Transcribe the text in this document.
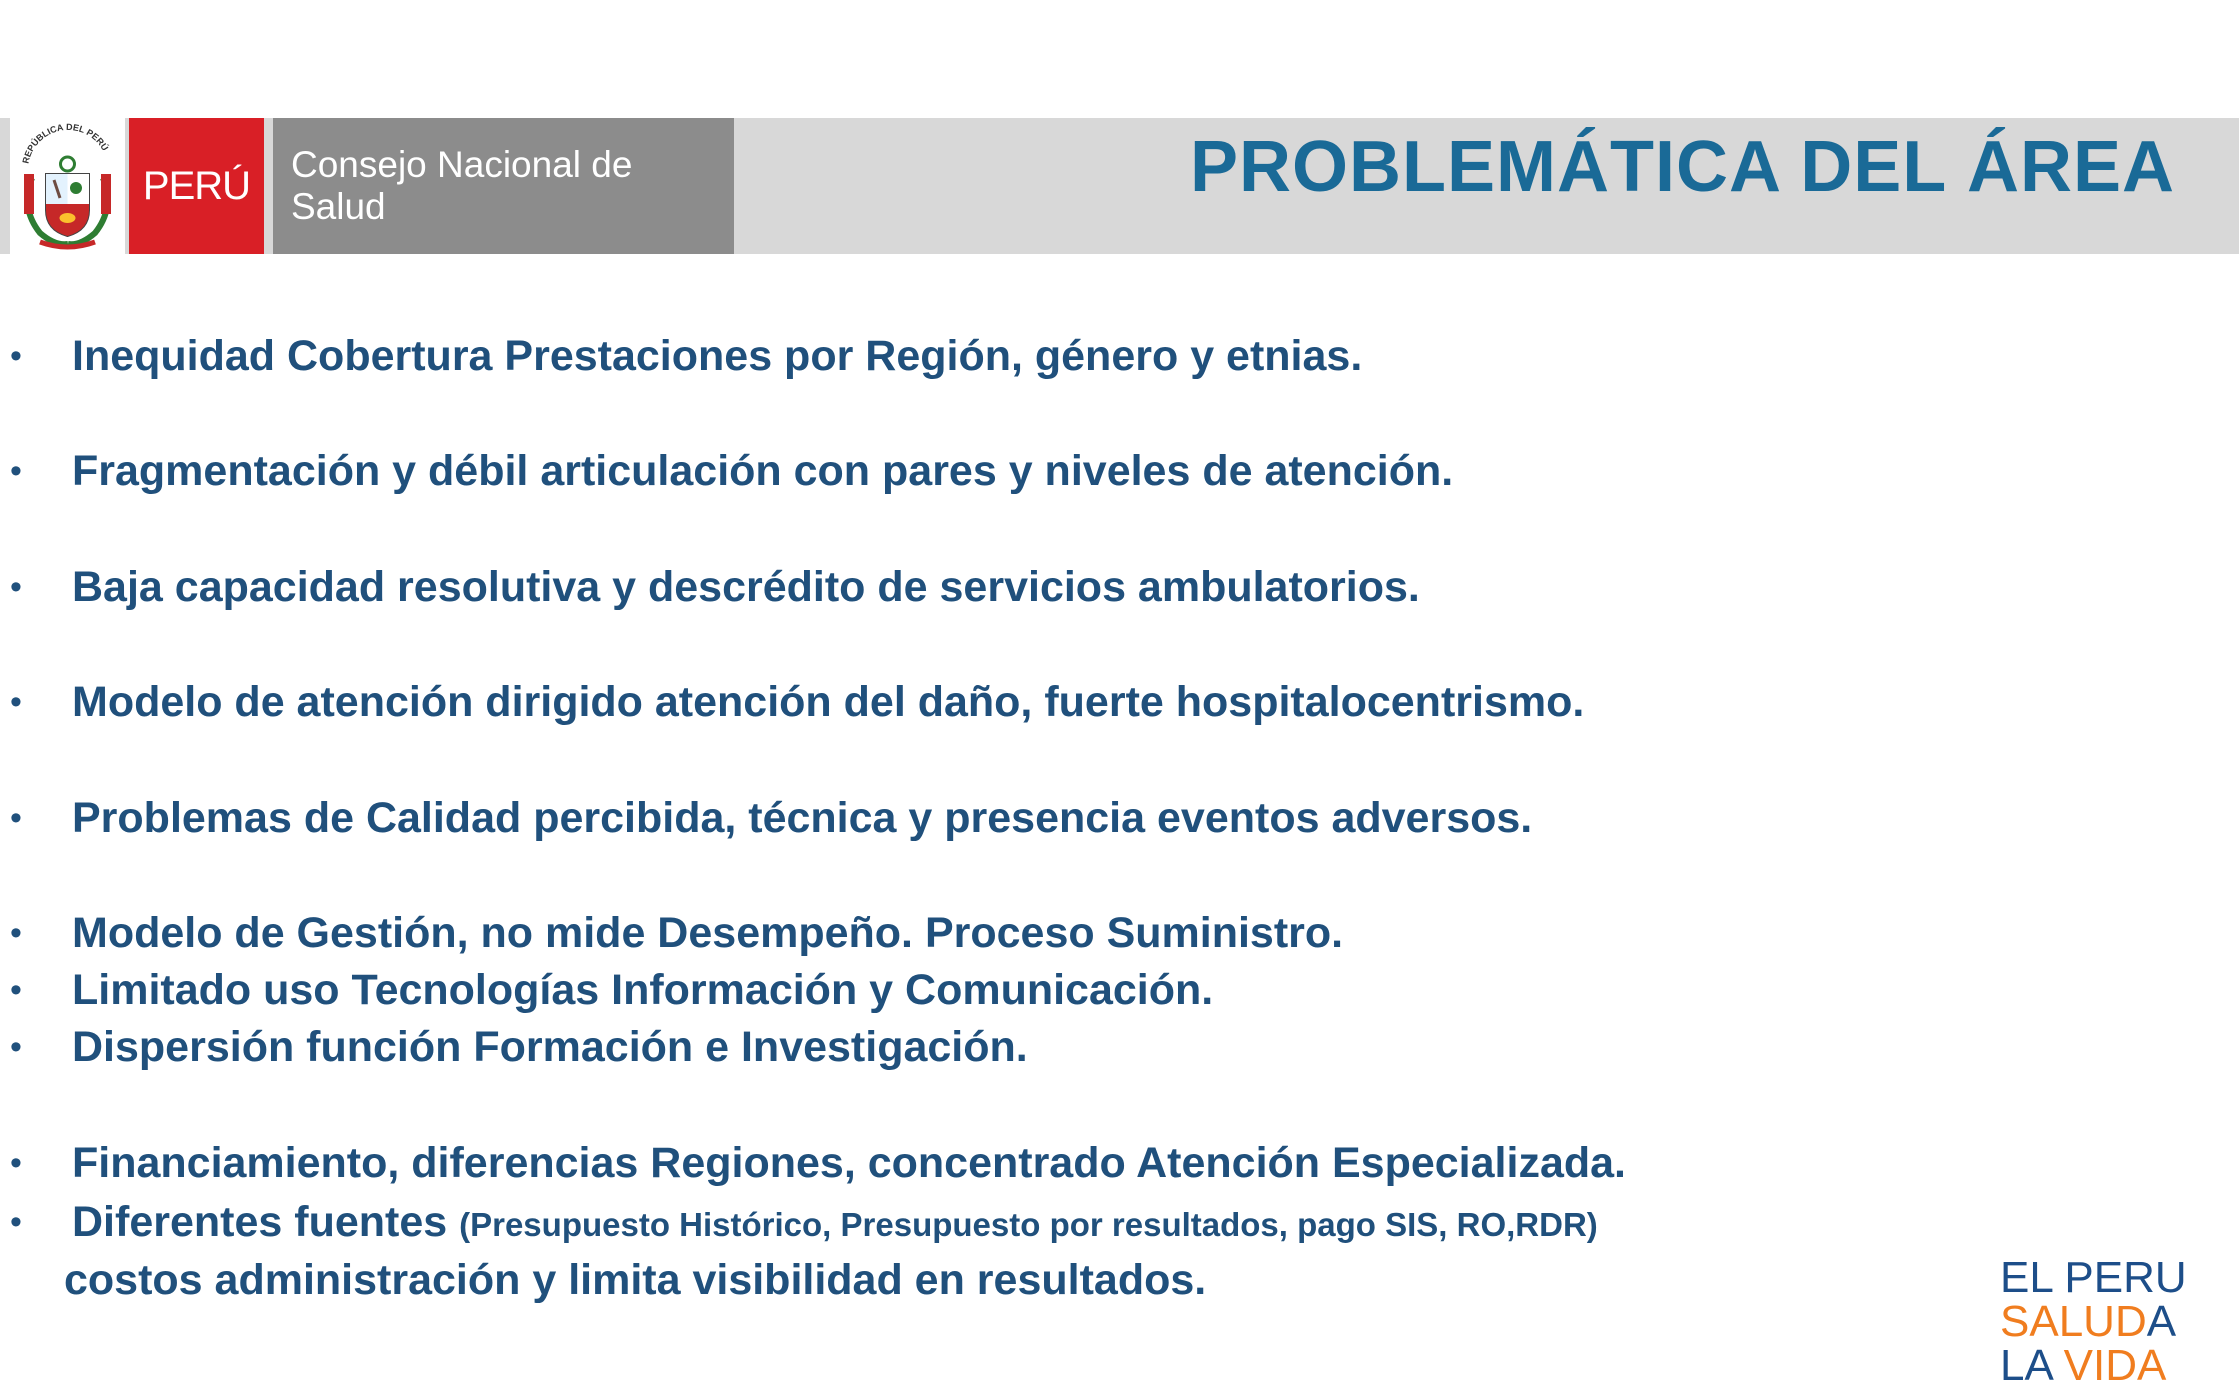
REPÚBLICA DEL PERÚ
PERÚ Consejo Nacional de Salud	PROBLEMÁTICA DEL ÁREA
• Inequidad Cobertura Prestaciones por Región, género y etnias.
• Fragmentación y débil articulación con pares y niveles de atención.
• Baja capacidad resolutiva y descrédito de servicios ambulatorios.
• Modelo de atención dirigido atención del daño, fuerte hospitalocentrismo.
• Problemas de Calidad percibida, técnica y presencia eventos adversos.
• Modelo de Gestión, no mide Desempeño. Proceso Suministro.
• Limitado uso Tecnologías Información y Comunicación.
• Dispersión función Formación e Investigación.
• Financiamiento, diferencias Regiones, concentrado Atención Especializada.
• Diferentes fuentes (Presupuesto Histórico, Presupuesto por resultados, pago SIS, RO,RDR)
costos administración y limita visibilidad en resultados.	EL PERU
SALUDA
LA VIDA
